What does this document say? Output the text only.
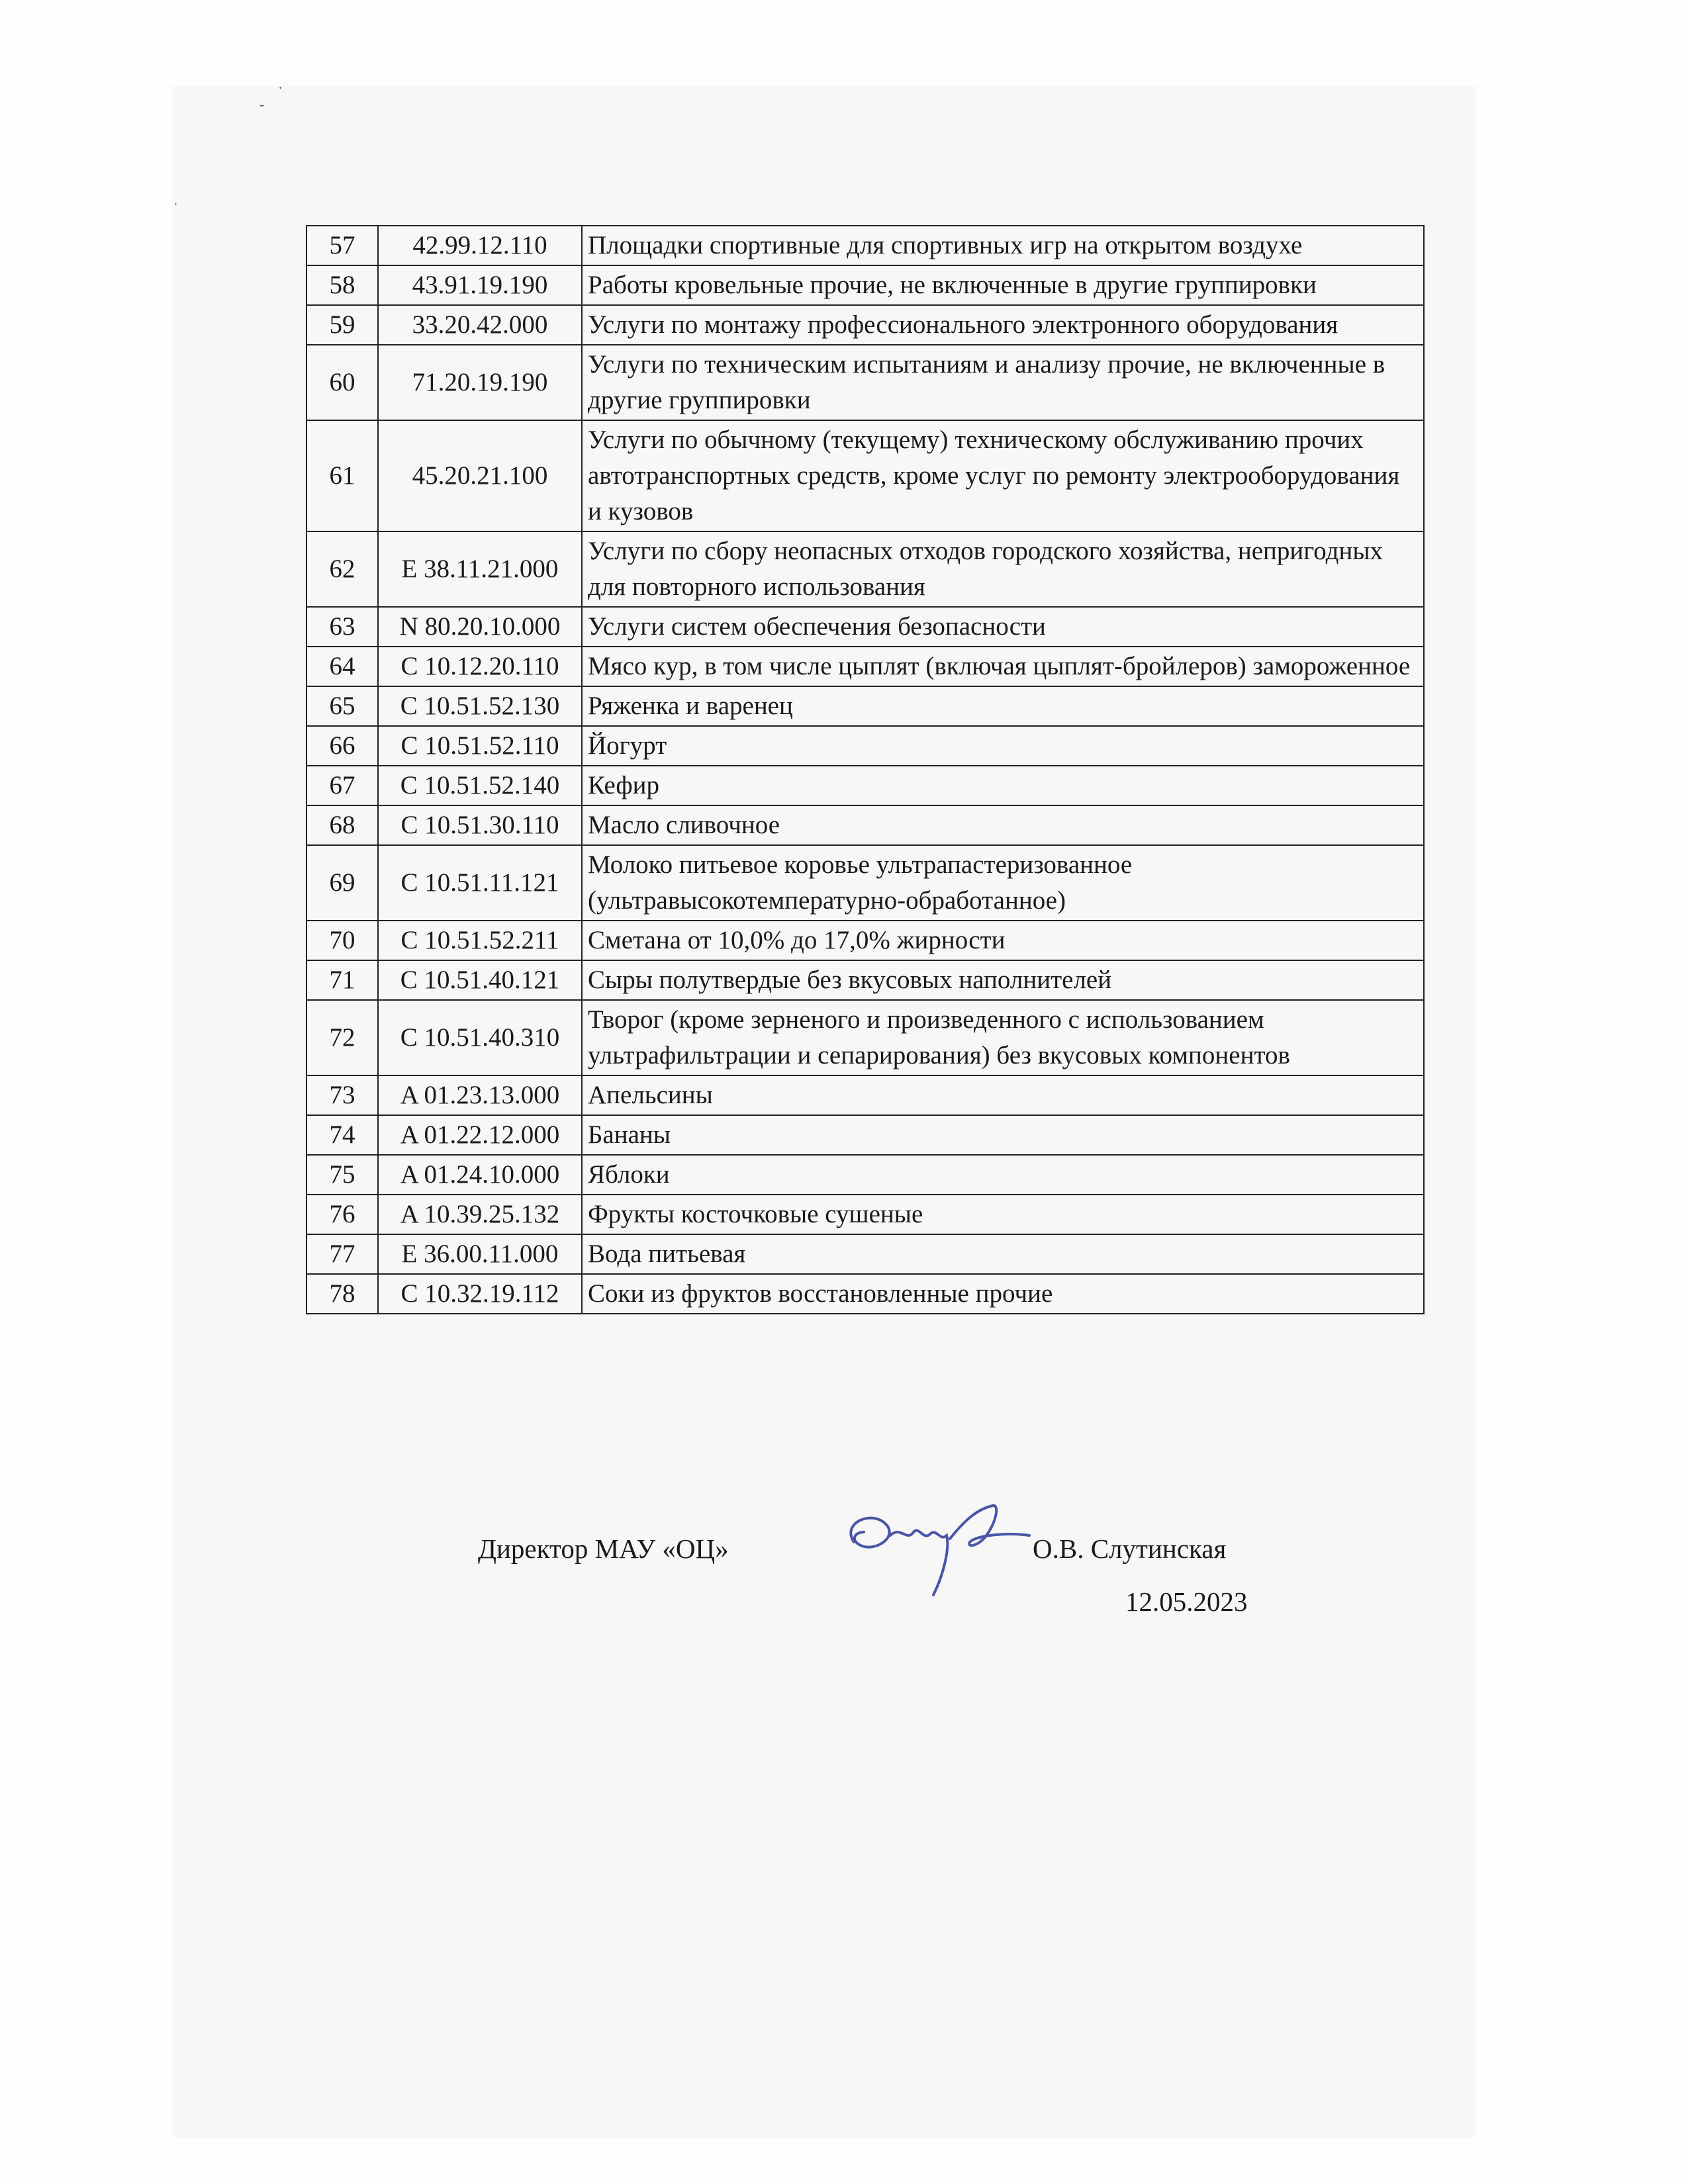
·
-
ˌ
57	42.99.12.110	Площадки спортивные для спортивных игр на открытом воздухе
58	43.91.19.190	Работы кровельные прочие, не включенные в другие группировки
59	33.20.42.000	Услуги по монтажу профессионального электронного оборудования
60	71.20.19.190	Услуги по техническим испытаниям и анализу прочие, не включенные в другие группировки
61	45.20.21.100	Услуги по обычному (текущему) техническому обслуживанию прочих автотранспортных средств, кроме услуг по ремонту электрооборудования и кузовов
62	E 38.11.21.000	Услуги по сбору неопасных отходов городского хозяйства, непригодных для повторного использования
63	N 80.20.10.000	Услуги систем обеспечения безопасности
64	C 10.12.20.110	Мясо кур, в том числе цыплят (включая цыплят-бройлеров) замороженное
65	C 10.51.52.130	Ряженка и варенец
66	C 10.51.52.110	Йогурт
67	C 10.51.52.140	Кефир
68	C 10.51.30.110	Масло сливочное
69	C 10.51.11.121	Молоко питьевое коровье ультрапастеризованное (ультравысокотемпературно-обработанное)
70	C 10.51.52.211	Сметана от 10,0% до 17,0% жирности
71	C 10.51.40.121	Сыры полутвердые без вкусовых наполнителей
72	C 10.51.40.310	Творог (кроме зерненого и произведенного с использованием ультрафильтрации и сепарирования) без вкусовых компонентов
73	A 01.23.13.000	Апельсины
74	A 01.22.12.000	Бананы
75	A 01.24.10.000	Яблоки
76	A 10.39.25.132	Фрукты косточковые сушеные
77	E 36.00.11.000	Вода питьевая
78	C 10.32.19.112	Соки из фруктов восстановленные прочие
Директор МАУ «ОЦ»	О.В. Слутинская
12.05.2023
